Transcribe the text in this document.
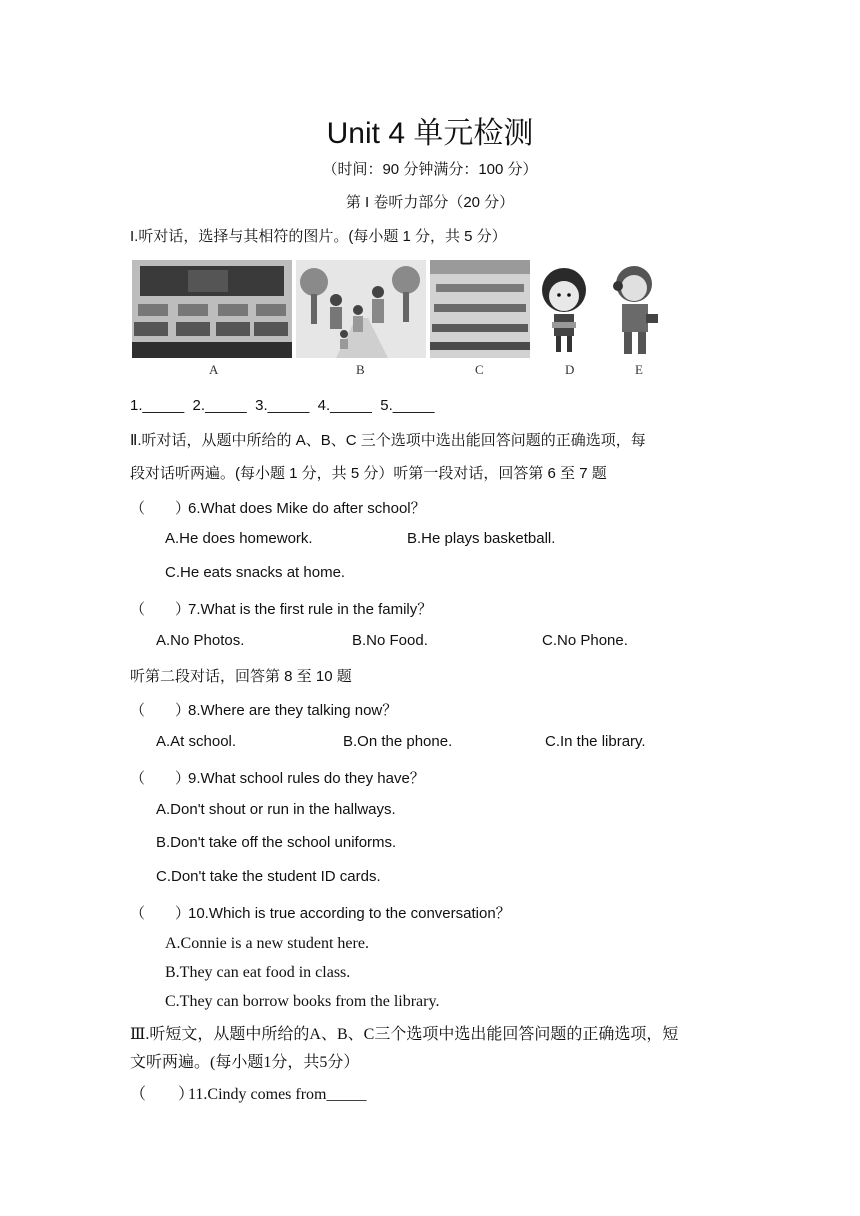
Unit 4 单元检测
（时间：90 分钟满分：100 分）
第 I 卷听力部分（20 分）
I.听对话，选择与其相符的图片。(每小题 1 分，共 5 分）
A	B	C	D	E
1._____  2._____  3._____  4._____  5._____
Ⅱ.听对话，从题中所给的 A、B、C 三个选项中选出能回答问题的正确选项，每
段对话听两遍。(每小题 1 分，共 5 分）听第一段对话，回答第 6 至 7 题
（　　）6.What does Mike do after school？
A.He does homework.	B.He plays basketball.
C.He eats snacks at home.
（　　）7.What is the first rule in the family？
A.No Photos.	B.No Food.	C.No Phone.
听第二段对话，回答第 8 至 10 题
（　　）8.Where are they talking now？
A.At school.	B.On the phone.	C.In the library.
（　　）9.What school rules do they have？
A.Don't shout or run in the hallways.
B.Don't take off the school uniforms.
C.Don't take the student ID cards.
（　　）10.Which is true according to the conversation？
A.Connie is a new student here.
B.They can eat food in class.
C.They can borrow books from the library.
Ⅲ.听短文，从题中所给的A、B、C三个选项中选出能回答问题的正确选项，短
文听两遍。(每小题1分，共5分）
（　　）11.Cindy comes from_____
